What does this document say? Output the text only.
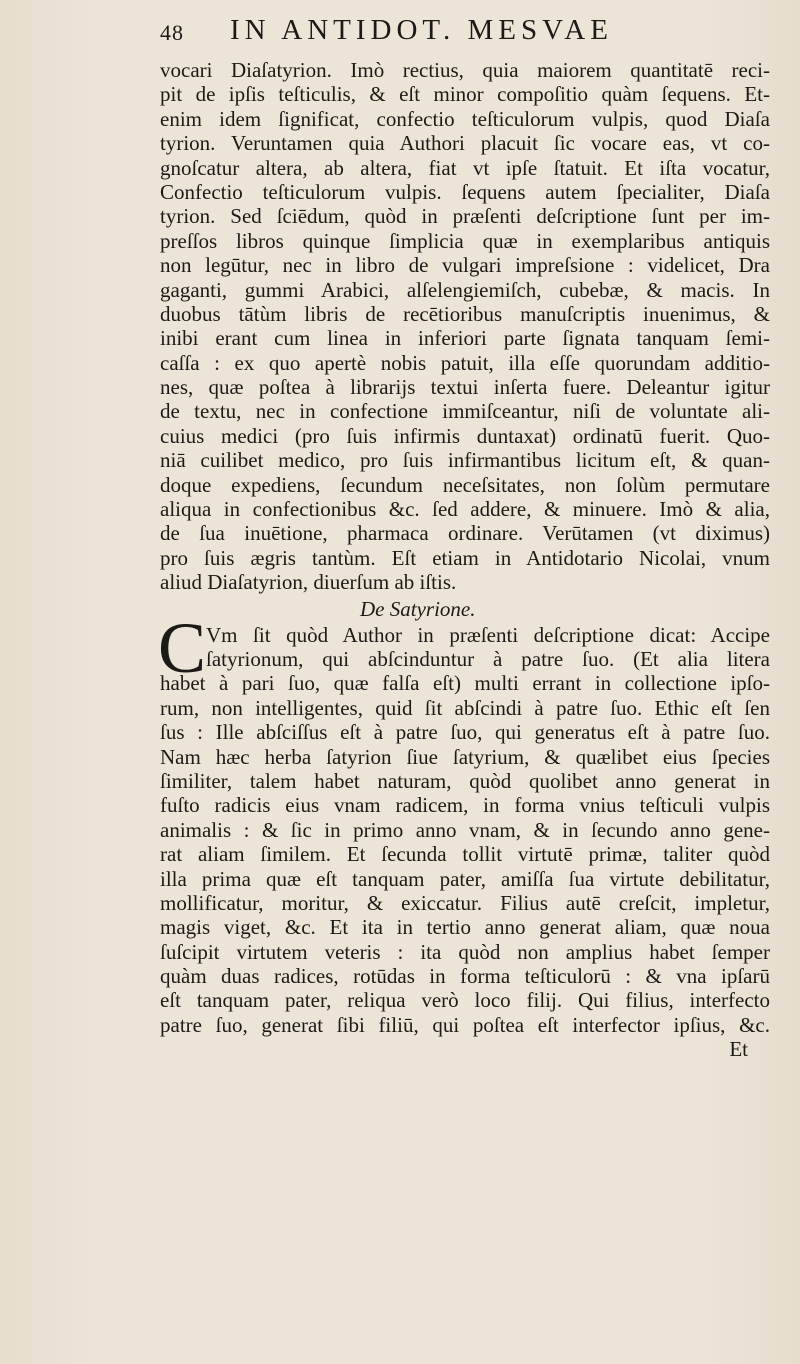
48 IN ANTIDOT. MESVAE
vocari Diaſatyrion. Imò rectius, quia maiorem quantitatē reci-
pit de ipſis teſticulis, & eſt minor compoſitio quàm ſequens. Et-
enim idem ſignificat, confectio teſticulorum vulpis, quod Diaſa
tyrion. Veruntamen quia Authori placuit ſic vocare eas, vt co-
gnoſcatur altera, ab altera, fiat vt ipſe ſtatuit. Et iſta vocatur,
Confectio teſticulorum vulpis. ſequens autem ſpecialiter, Diaſa
tyrion. Sed ſciēdum, quòd in præſenti deſcriptione ſunt per im-
preſſos libros quinque ſimplicia quæ in exemplaribus antiquis
non legūtur, nec in libro de vulgari impreſsione : videlicet, Dra
gaganti, gummi Arabici, alſelengiemiſch, cubebæ, & macis. In
duobus tātùm libris de recētioribus manuſcriptis inuenimus, &
inibi erant cum linea in inferiori parte ſignata tanquam ſemi-
caſſa : ex quo apertè nobis patuit, illa eſſe quorundam additio-
nes, quæ poſtea à librarijs textui inſerta fuere. Deleantur igitur
de textu, nec in confectione immiſceantur, niſi de voluntate ali-
cuius medici (pro ſuis infirmis duntaxat) ordinatū fuerit. Quo-
niā cuilibet medico, pro ſuis infirmantibus licitum eſt, & quan-
doque expediens, ſecundum neceſsitates, non ſolùm permutare
aliqua in confectionibus &c. ſed addere, & minuere. Imò & alia,
de ſua inuētione, pharmaca ordinare. Verūtamen (vt diximus)
pro ſuis ægris tantùm. Eſt etiam in Antidotario Nicolai, vnum
aliud Diaſatyrion, diuerſum ab iſtis.
De Satyrione.
C Vm ſit quòd Author in præſenti deſcriptione dicat: Accipe
ſatyrionum, qui abſcinduntur à patre ſuo. (Et alia litera
habet à pari ſuo, quæ falſa eſt) multi errant in collectione ipſo-
rum, non intelligentes, quid ſit abſcindi à patre ſuo. Ethic eſt ſen
ſus : Ille abſciſſus eſt à patre ſuo, qui generatus eſt à patre ſuo.
Nam hæc herba ſatyrion ſiue ſatyrium, & quælibet eius ſpecies
ſimiliter, talem habet naturam, quòd quolibet anno generat in
fuſto radicis eius vnam radicem, in forma vnius teſticuli vulpis
animalis : & ſic in primo anno vnam, & in ſecundo anno gene-
rat aliam ſimilem. Et ſecunda tollit virtutē primæ, taliter quòd
illa prima quæ eſt tanquam pater, amiſſa ſua virtute debilitatur,
mollificatur, moritur, & exiccatur. Filius autē creſcit, impletur,
magis viget, &c. Et ita in tertio anno generat aliam, quæ noua
ſuſcipit virtutem veteris : ita quòd non amplius habet ſemper
quàm duas radices, rotūdas in forma teſticulorū : & vna ipſarū
eſt tanquam pater, reliqua verò loco filij. Qui filius, interfecto
patre ſuo, generat ſibi filiū, qui poſtea eſt interfector ipſius, &c.
Et
